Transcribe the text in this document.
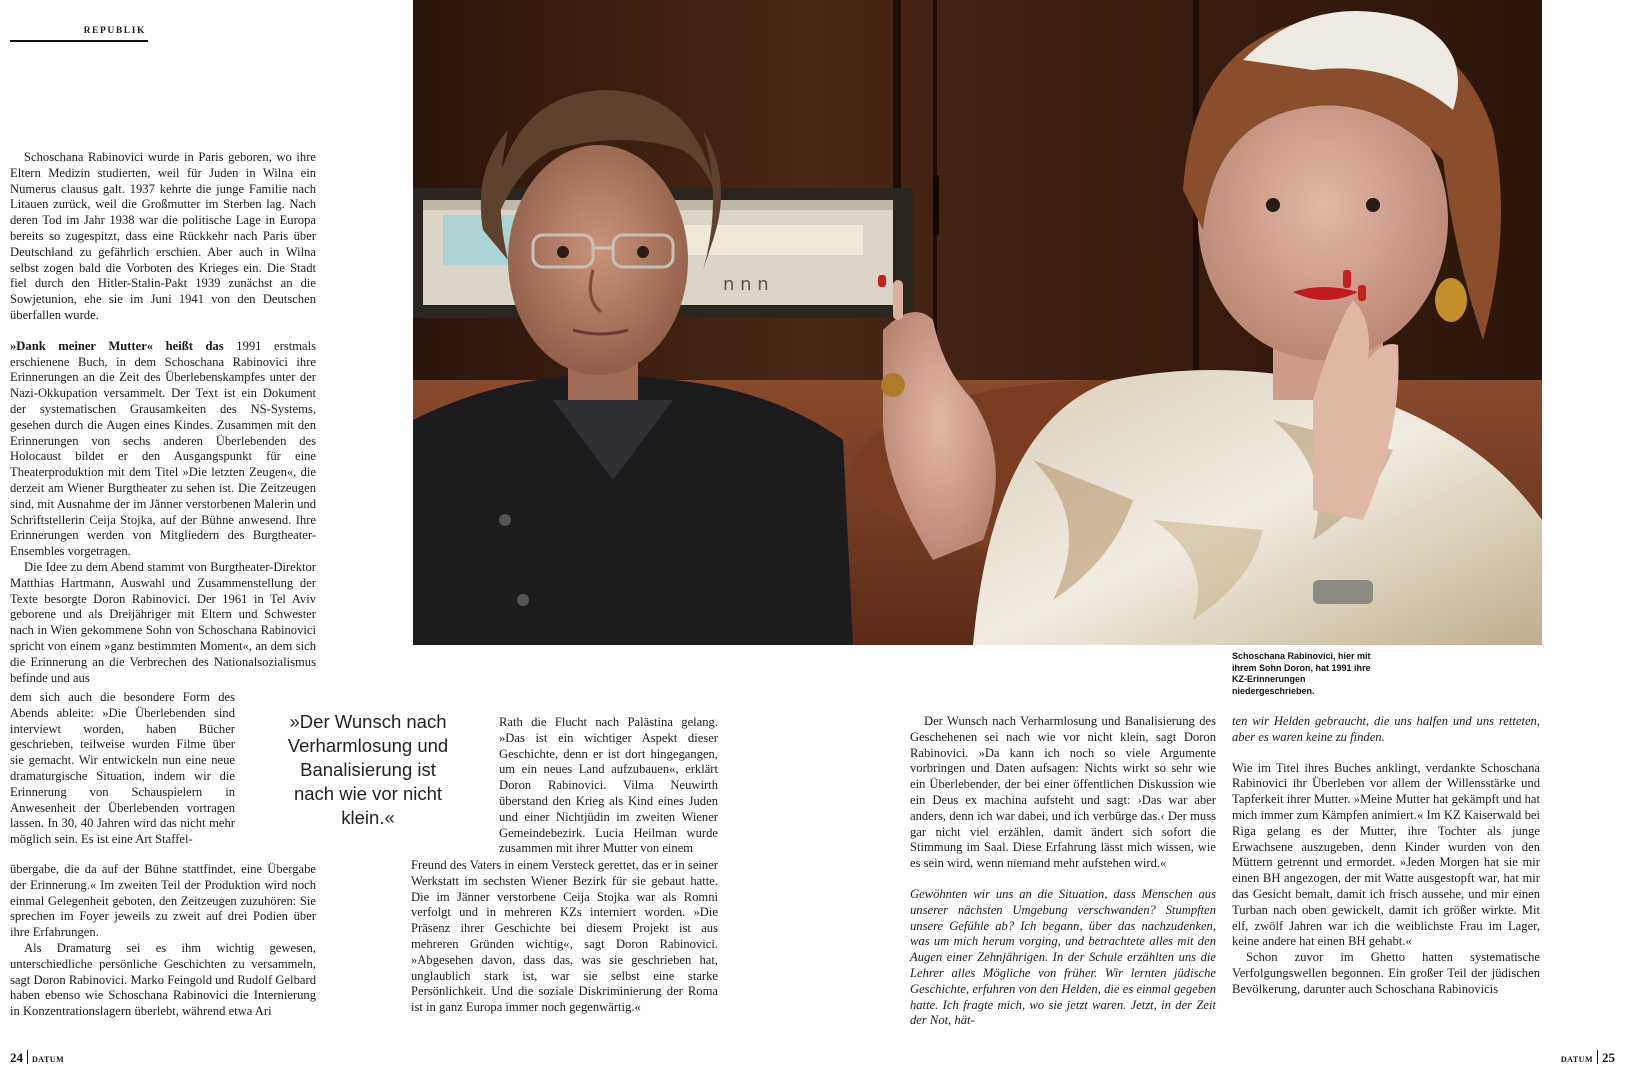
REPUBLIK
n n n
Schoschana Rabinovici, hier mit ihrem Sohn Doron, hat 1991 ihre KZ-Erinnerungen niedergeschrieben.

Schoschana Rabinovici wurde in Paris geboren, wo ihre Eltern Medizin studierten, weil für Juden in Wilna ein Numerus clausus galt. 1937 kehrte die junge Familie nach Litauen zurück, weil die Großmutter im Sterben lag. Nach deren Tod im Jahr 1938 war die politische Lage in Europa bereits so zugespitzt, dass eine Rückkehr nach Paris über Deutschland zu gefährlich erschien. Aber auch in Wilna selbst zogen bald die Vorboten des Krieges ein. Die Stadt fiel durch den Hitler-Stalin-Pakt 1939 zunächst an die Sowjetunion, ehe sie im Juni 1941 von den Deutschen überfallen wurde.

»Dank meiner Mutter« heißt das 1991 erstmals erschienene Buch, in dem Schoschana Rabinovici ihre Erinnerungen an die Zeit des Überlebenskampfes unter der Nazi-Okkupation versammelt. Der Text ist ein Dokument der systematischen Grausamkeiten des NS-Systems, gesehen durch die Augen eines Kindes. Zusammen mit den Erinnerungen von sechs anderen Überlebenden des Holocaust bildet er den Ausgangspunkt für eine Theaterproduktion mit dem Titel »Die letzten Zeugen«, die derzeit am Wiener Burgtheater zu sehen ist. Die Zeitzeugen sind, mit Ausnahme der im Jänner verstorbenen Malerin und Schriftstellerin Ceija Stojka, auf der Bühne anwesend. Ihre Erinnerungen werden von Mitgliedern des Burgtheater-Ensembles vorgetragen.

Die Idee zu dem Abend stammt von Burgtheater-Direktor Matthias Hartmann, Auswahl und Zusammenstellung der Texte besorgte Doron Rabinovici. Der 1961 in Tel Aviv geborene und als Dreijähriger mit Eltern und Schwester nach in Wien gekommene Sohn von Schoschana Rabinovici spricht von einem »ganz bestimmten Moment«, an dem sich die Erinnerung an die Verbrechen des Nationalsozialismus befinde und aus

dem sich auch die besondere Form des Abends ableite: »Die Überlebenden sind interviewt worden, haben Bücher geschrieben, teilweise wurden Filme über sie gemacht. Wir entwickeln nun eine neue dramaturgische Situation, indem wir die Erinnerung von Schauspielern in Anwesenheit der Überlebenden vortragen lassen. In 30, 40 Jahren wird das nicht mehr möglich sein. Es ist eine Art Staffel-

übergabe, die da auf der Bühne stattfindet, eine Übergabe der Erinnerung.« Im zweiten Teil der Produktion wird noch einmal Gelegenheit geboten, den Zeitzeugen zuzuhören: Sie sprechen im Foyer jeweils zu zweit auf drei Podien über ihre Erfahrungen.

Als Dramaturg sei es ihm wichtig gewesen, unterschiedliche persönliche Geschichten zu versammeln, sagt Doron Rabinovici. Marko Feingold und Rudolf Gelbard haben ebenso wie Schoschana Rabinovici die Internierung in Konzentrationslagern überlebt, während etwa Ari

»Der Wunsch nach Verharmlosung und Banalisierung ist nach wie vor nicht klein.«

Rath die Flucht nach Palästina gelang. »Das ist ein wichtiger Aspekt dieser Geschichte, denn er ist dort hingegangen, um ein neues Land aufzubauen«, erklärt Doron Rabinovici. Vilma Neuwirth überstand den Krieg als Kind eines Juden und einer Nichtjüdin im zweiten Wiener Gemeindebezirk. Lucia Heilman wurde zusammen mit ihrer Mutter von einem

Freund des Vaters in einem Versteck gerettet, das er in seiner Werkstatt im sechsten Wiener Bezirk für sie gebaut hatte. Die im Jänner verstorbene Ceija Stojka war als Romni verfolgt und in mehreren KZs interniert worden. »Die Präsenz ihrer Geschichte bei diesem Projekt ist aus mehreren Gründen wichtig«, sagt Doron Rabinovici. »Abgesehen davon, dass das, was sie geschrieben hat, unglaublich stark ist, war sie selbst eine starke Persönlichkeit. Und die soziale Diskriminierung der Roma ist in ganz Europa immer noch gegenwärtig.«

Der Wunsch nach Verharmlosung und Banalisierung des Geschehenen sei nach wie vor nicht klein, sagt Doron Rabinovici. »Da kann ich noch so viele Argumente vorbringen und Daten aufsagen: Nichts wirkt so sehr wie ein Überlebender, der bei einer öffentlichen Diskussion wie ein Deus ex machina aufsteht und sagt: ›Das war aber anders, denn ich war dabei, und ich verbürge das.‹ Der muss gar nicht viel erzählen, damit ändert sich sofort die Stimmung im Saal. Diese Erfahrung lässt mich wissen, wie es sein wird, wenn niemand mehr aufstehen wird.«

Gewöhnten wir uns an die Situation, dass Menschen aus unserer nächsten Umgebung verschwanden? Stumpften unsere Gefühle ab? Ich begann, über das nachzudenken, was um mich herum vorging, und betrachtete alles mit den Augen einer Zehnjährigen. In der Schule erzählten uns die Lehrer alles Mögliche von früher. Wir lernten jüdische Geschichte, erfuhren von den Helden, die es einmal gegeben hatte. Ich fragte mich, wo sie jetzt waren. Jetzt, in der Zeit der Not, hät-

ten wir Helden gebraucht, die uns halfen und uns retteten, aber es waren keine zu finden.

Wie im Titel ihres Buches anklingt, verdankte Schoschana Rabinovici ihr Überleben vor allem der Willensstärke und Tapferkeit ihrer Mutter. »Meine Mutter hat gekämpft und hat mich immer zum Kämpfen animiert.« Im KZ Kaiserwald bei Riga gelang es der Mutter, ihre Tochter als junge Erwachsene auszugeben, denn Kinder wurden von den Müttern getrennt und ermordet. »Jeden Morgen hat sie mir einen BH angezogen, der mit Watte ausgestopft war, hat mir das Gesicht bemalt, damit ich frisch aussehe, und mir einen Turban nach oben gewickelt, damit ich größer wirkte. Mit elf, zwölf Jahren war ich die weiblichste Frau im Lager, keine andere hat einen BH gehabt.«

Schon zuvor im Ghetto hatten systematische Verfolgungswellen begonnen. Ein großer Teil der jüdischen Bevölkerung, darunter auch Schoschana Rabinovicis

24 DATUM	DATUM 25
